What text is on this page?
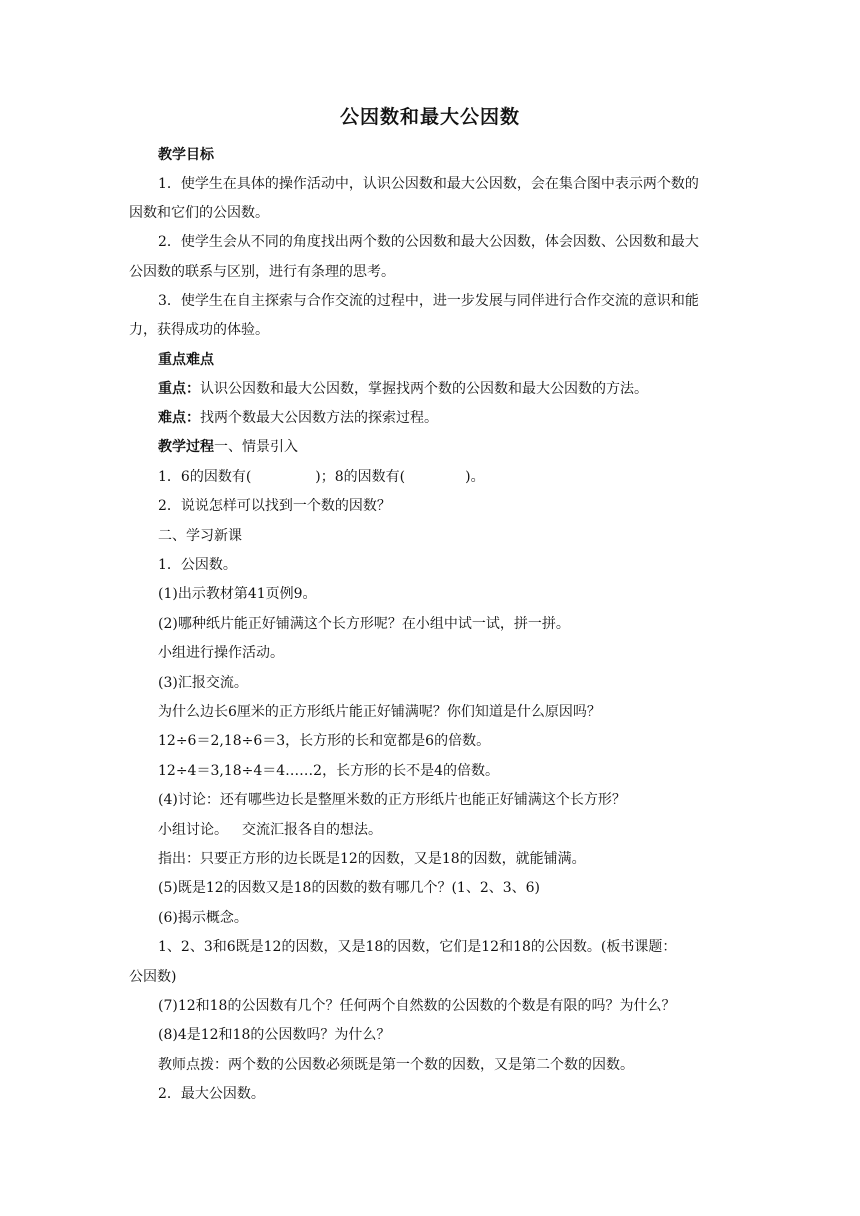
公因数和最大公因数
教学目标
1．使学生在具体的操作活动中，认识公因数和最大公因数，会在集合图中表示两个数的
因数和它们的公因数。
2．使学生会从不同的角度找出两个数的公因数和最大公因数，体会因数、公因数和最大
公因数的联系与区别，进行有条理的思考。
3．使学生在自主探索与合作交流的过程中，进一步发展与同伴进行合作交流的意识和能
力，获得成功的体验。
重点难点
重点：认识公因数和最大公因数，掌握找两个数的公因数和最大公因数的方法。
难点：找两个数最大公因数方法的探索过程。
教学过程一、情景引入
1．6的因数有(	)；8的因数有(	)。
2．说说怎样可以找到一个数的因数？
二、学习新课
1．公因数。
(1)出示教材第41页例9。
(2)哪种纸片能正好铺满这个长方形呢？在小组中试一试，拼一拼。
小组进行操作活动。
(3)汇报交流。
为什么边长6厘米的正方形纸片能正好铺满呢？你们知道是什么原因吗？
12÷6＝2,18÷6＝3，长方形的长和宽都是6的倍数。
12÷4＝3,18÷4＝4……2，长方形的长不是4的倍数。
(4)讨论：还有哪些边长是整厘米数的正方形纸片也能正好铺满这个长方形？
小组讨论。 交流汇报各自的想法。
指出：只要正方形的边长既是12的因数，又是18的因数，就能铺满。
(5)既是12的因数又是18的因数的数有哪几个？(1、2、3、6)
(6)揭示概念。
1、2、3和6既是12的因数，又是18的因数，它们是12和18的公因数。(板书课题：
公因数)
(7)12和18的公因数有几个？任何两个自然数的公因数的个数是有限的吗？为什么？
(8)4是12和18的公因数吗？为什么？
教师点拨：两个数的公因数必须既是第一个数的因数，又是第二个数的因数。
2．最大公因数。
